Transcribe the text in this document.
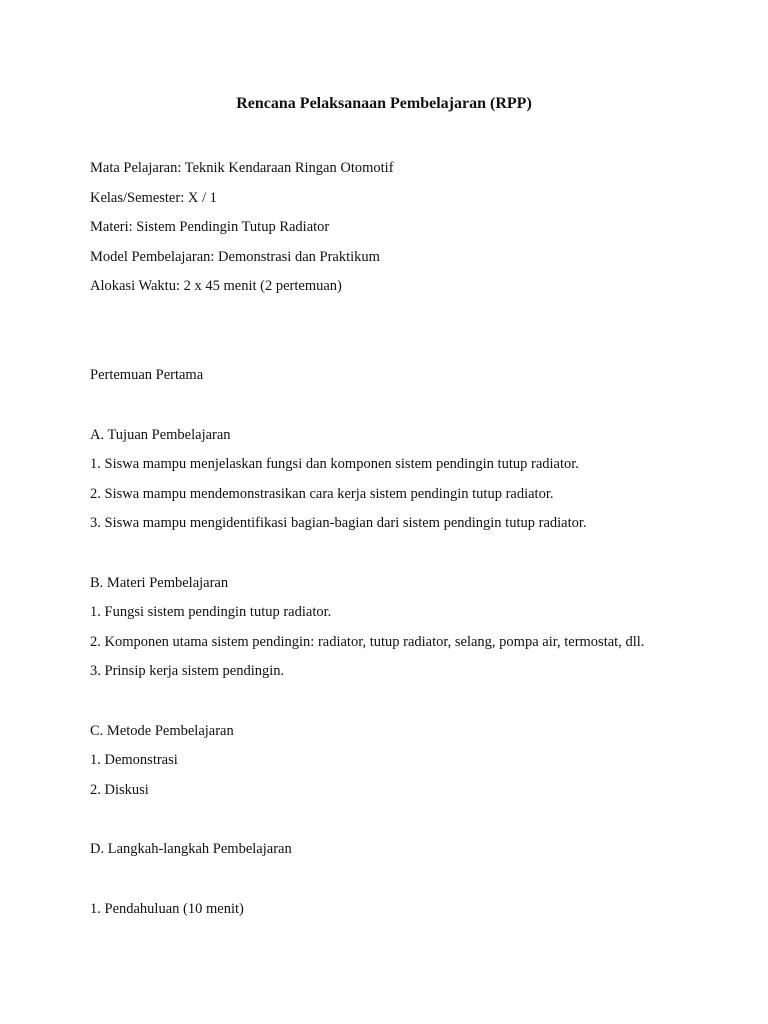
Rencana Pelaksanaan Pembelajaran (RPP)
Mata Pelajaran: Teknik Kendaraan Ringan Otomotif
Kelas/Semester: X / 1
Materi: Sistem Pendingin Tutup Radiator
Model Pembelajaran: Demonstrasi dan Praktikum
Alokasi Waktu: 2 x 45 menit (2 pertemuan)
Pertemuan Pertama
A. Tujuan Pembelajaran
1. Siswa mampu menjelaskan fungsi dan komponen sistem pendingin tutup radiator.
2. Siswa mampu mendemonstrasikan cara kerja sistem pendingin tutup radiator.
3. Siswa mampu mengidentifikasi bagian-bagian dari sistem pendingin tutup radiator.
B. Materi Pembelajaran
1. Fungsi sistem pendingin tutup radiator.
2. Komponen utama sistem pendingin: radiator, tutup radiator, selang, pompa air, termostat, dll.
3. Prinsip kerja sistem pendingin.
C. Metode Pembelajaran
1. Demonstrasi
2. Diskusi
D. Langkah-langkah Pembelajaran
1. Pendahuluan (10 menit)
